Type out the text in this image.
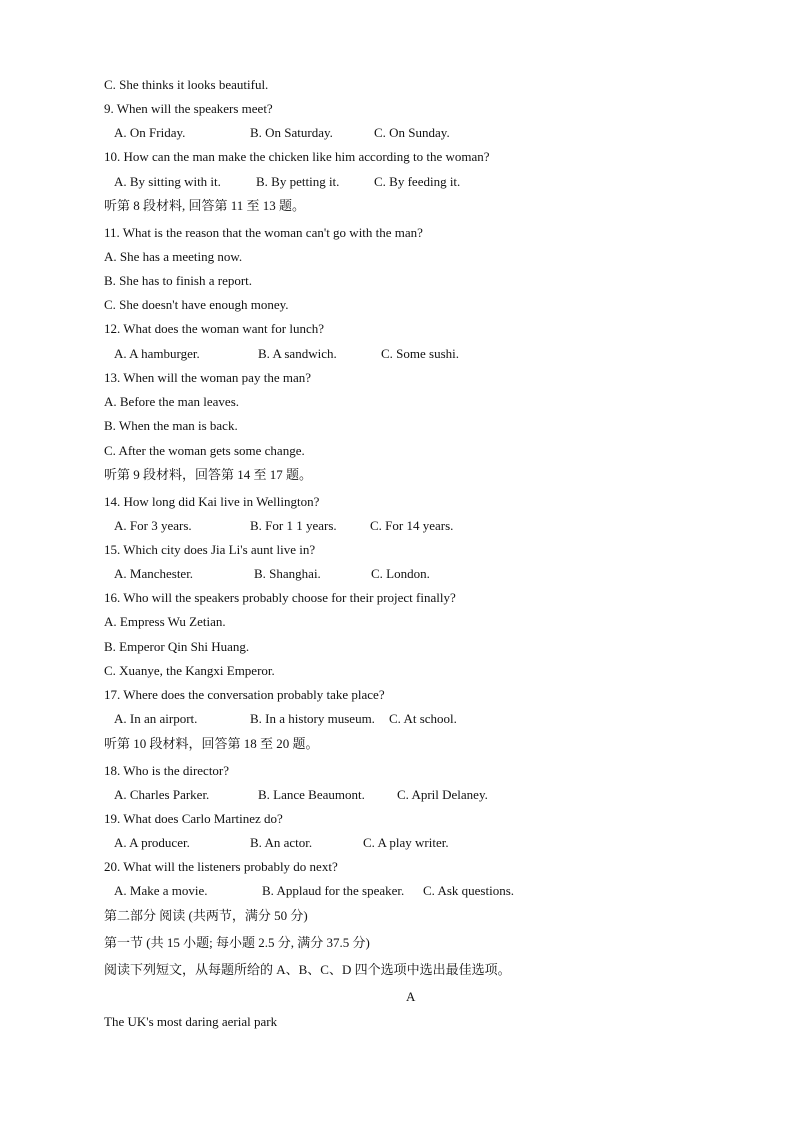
C. She thinks it looks beautiful.
9. When will the speakers meet?
A. On Friday.	B. On Saturday.	C. On Sunday.
10. How can the man make the chicken like him according to the woman?
A. By sitting with it.	B. By petting it.	C. By feeding it.
听第 8 段材料, 回答第 11 至 13 题。
11. What is the reason that the woman can't go with the man?
A. She has a meeting now.
B. She has to finish a report.
C. She doesn't have enough money.
12. What does the woman want for lunch?
A. A hamburger.	B. A sandwich.	C. Some sushi.
13. When will the woman pay the man?
A. Before the man leaves.
B. When the man is back.
C. After the woman gets some change.
听第 9 段材料，回答第 14 至 17 题。
14. How long did Kai live in Wellington?
A. For 3 years.	B. For 1 1 years.	C. For 14 years.
15. Which city does Jia Li's aunt live in?
A. Manchester.	B. Shanghai.	C. London.
16. Who will the speakers probably choose for their project finally?
A. Empress Wu Zetian.
B. Emperor Qin Shi Huang.
C. Xuanye, the Kangxi Emperor.
17. Where does the conversation probably take place?
A. In an airport.	B. In a history museum. C. At school.
听第 10 段材料，回答第 18 至 20 题。
18. Who is the director?
A. Charles Parker.	B. Lance Beaumont. C. April Delaney.
19. What does Carlo Martinez do?
A. A producer.	B. An actor.	C. A play writer.
20. What will the listeners probably do next?
A. Make a movie.	B. Applaud for the speaker. C. Ask questions.
第二部分 阅读 (共两节，满分 50 分)
第一节 (共 15 小题; 每小题 2.5 分, 满分 37.5 分)
阅读下列短文，从每题所给的 A、B、C、D 四个选项中选出最佳选项。
A
The UK's most daring aerial park
